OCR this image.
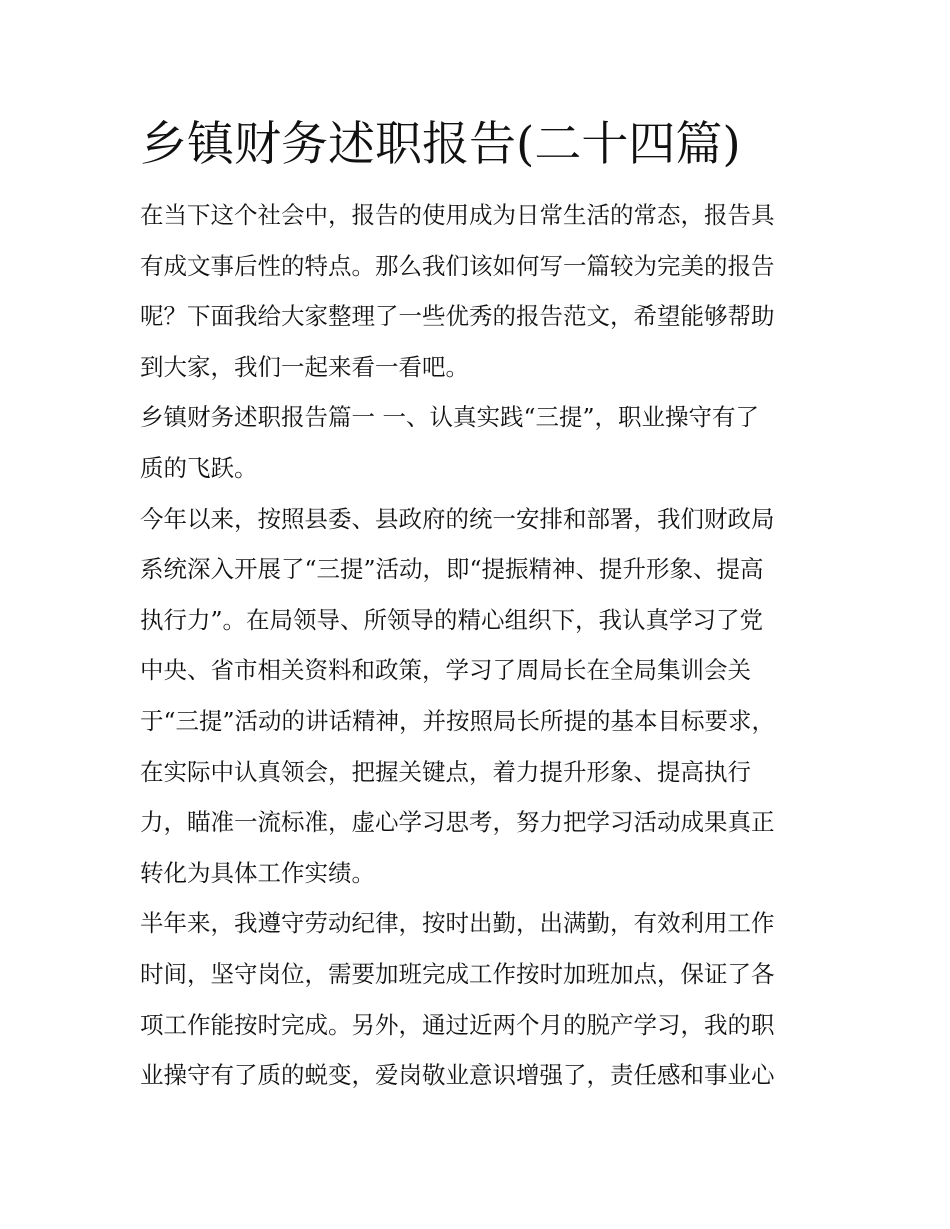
乡镇财务述职报告(二十四篇)

在当下这个社会中，报告的使用成为日常生活的常态，报告具

有成文事后性的特点。那么我们该如何写一篇较为完美的报告

呢？下面我给大家整理了一些优秀的报告范文，希望能够帮助

到大家，我们一起来看一看吧。

乡镇财务述职报告篇一 一、认真实践“三提”，职业操守有了

质的飞跃。

今年以来，按照县委、县政府的统一安排和部署，我们财政局

系统深入开展了“三提”活动，即“提振精神、提升形象、提高

执行力”。在局领导、所领导的精心组织下，我认真学习了党

中央、省市相关资料和政策，学习了周局长在全局集训会关

于“三提”活动的讲话精神，并按照局长所提的基本目标要求，

在实际中认真领会，把握关键点，着力提升形象、提高执行

力，瞄准一流标准，虚心学习思考，努力把学习活动成果真正

转化为具体工作实绩。

半年来，我遵守劳动纪律，按时出勤，出满勤，有效利用工作

时间，坚守岗位，需要加班完成工作按时加班加点，保证了各

项工作能按时完成。另外，通过近两个月的脱产学习，我的职

业操守有了质的蜕变，爱岗敬业意识增强了，责任感和事业心
